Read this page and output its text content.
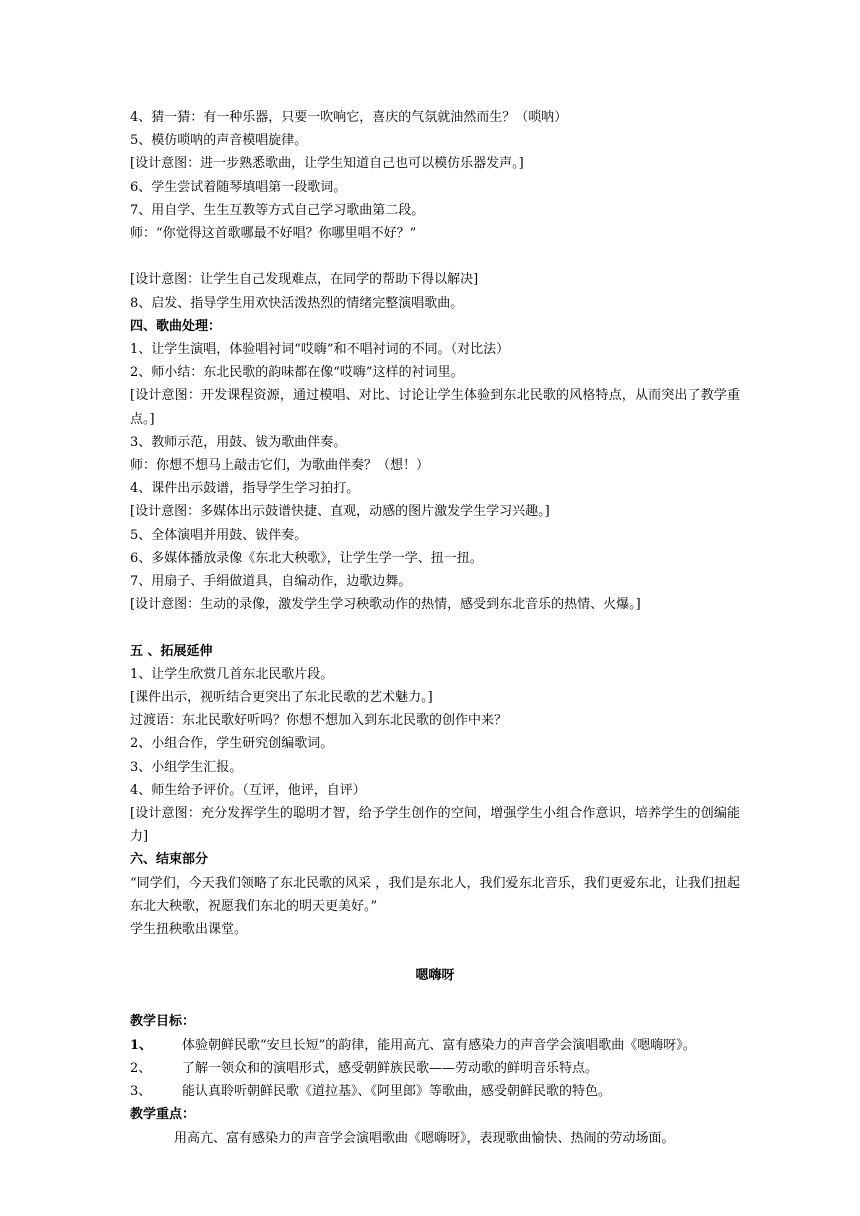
4、猜一猜：有一种乐器，只要一吹响它，喜庆的气氛就油然而生？（唢呐）
5、模仿唢呐的声音模唱旋律。
[设计意图：进一步熟悉歌曲，让学生知道自己也可以模仿乐器发声。]
6、学生尝试着随琴填唱第一段歌词。
7、用自学、生生互教等方式自己学习歌曲第二段。
师：“你觉得这首歌哪最不好唱？你哪里唱不好？”
[设计意图：让学生自己发现难点，在同学的帮助下得以解决]
8、启发、指导学生用欢快活泼热烈的情绪完整演唱歌曲。
四、歌曲处理：
1、让学生演唱，体验唱衬词“哎嗨”和不唱衬词的不同。（对比法）
2、师小结：东北民歌的韵味都在像“哎嗨”这样的衬词里。
[设计意图：开发课程资源，通过模唱、对比、讨论让学生体验到东北民歌的风格特点，从而突出了教学重点。]
3、教师示范，用鼓、钹为歌曲伴奏。
师：你想不想马上敲击它们，为歌曲伴奏？（想！）
4、课件出示鼓谱，指导学生学习拍打。
[设计意图：多媒体出示鼓谱快捷、直观，动感的图片激发学生学习兴趣。]
5、全体演唱并用鼓、钹伴奏。
6、多媒体播放录像《东北大秧歌》，让学生学一学、扭一扭。
7、用扇子、手绢做道具，自编动作，边歌边舞。
[设计意图：生动的录像，激发学生学习秧歌动作的热情，感受到东北音乐的热情、火爆。]
五 、拓展延伸
1、让学生欣赏几首东北民歌片段。
[课件出示，视听结合更突出了东北民歌的艺术魅力。]
过渡语：东北民歌好听吗？你想不想加入到东北民歌的创作中来？
2、小组合作，学生研究创编歌词。
3、小组学生汇报。
4、师生给予评价。（互评，他评，自评）
[设计意图：充分发挥学生的聪明才智，给予学生创作的空间，增强学生小组合作意识，培养学生的创编能力]
六、结束部分
“同学们，今天我们领略了东北民歌的风采 ，我们是东北人，我们爱东北音乐，我们更爱东北，让我们扭起东北大秧歌，祝愿我们东北的明天更美好。”
学生扭秧歌出课堂。

嗯嗨呀

教学目标：
1、	体验朝鲜民歌“安旦长短”的韵律，能用高亢、富有感染力的声音学会演唱歌曲《嗯嗨呀》。
2、	了解一领众和的演唱形式，感受朝鲜族民歌——劳动歌的鲜明音乐特点。
3、	能认真聆听朝鲜民歌《道拉基》、《阿里郎》等歌曲，感受朝鲜民歌的特色。
教学重点：
用高亢、富有感染力的声音学会演唱歌曲《嗯嗨呀》，表现歌曲愉快、热闹的劳动场面。
